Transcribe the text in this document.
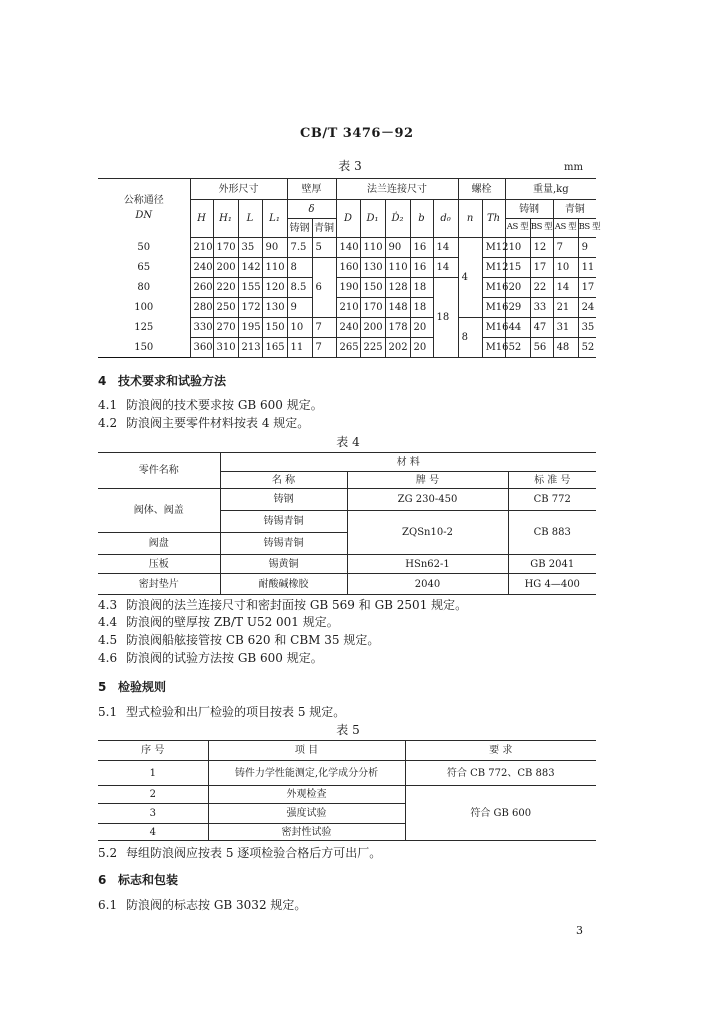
CB/T 3476－92
表 3	mm
公称通径
DN	外形尺寸				壁厚		法兰连接尺寸					螺栓		重量,kg			
	H	H₁	L	L₁	δ		D	D₁	Ḋ₂	b	d₀	n	Th	铸钢		青铜	
					铸钢	青铜								AS 型	BS 型	AS 型	BS 型
50	210	170	35	90	7.5	5	140	110	90	16	14	4	M12	10	12	7	9
65	240	200	142	110	8	6	160	130	110	16	14		M12	15	17	10	11
80	260	220	155	120	8.5		190	150	128	18	18		M16	20	22	14	17
100	280	250	172	130	9		210	170	148	18			M16	29	33	21	24
125	330	270	195	150	10	7	240	200	178	20		8	M16	44	47	31	35
150	360	310	213	165	11	7	265	225	202	20			M16	52	56	48	52
4 技术要求和试验方法
4.1 防浪阀的技术要求按 GB 600 规定。
4.2 防浪阀主要零件材料按表 4 规定。
表 4
零件名称	材 料		
	名 称	牌 号	标 准 号
阀体、阀盖	铸钢	ZG 230-450	CB 772
	铸锡青铜	ZQSn10-2	CB 883
阀盘	铸锡青铜		
压板	锡黄铜	HSn62-1	GB 2041
密封垫片	耐酸碱橡胶	2040	HG 4—400
4.3 防浪阀的法兰连接尺寸和密封面按 GB 569 和 GB 2501 规定。
4.4 防浪阀的壁厚按 ZB/T U52 001 规定。
4.5 防浪阀船舷接管按 CB 620 和 CBM 35 规定。
4.6 防浪阀的试验方法按 GB 600 规定。
5 检验规则
5.1 型式检验和出厂检验的项目按表 5 规定。
表 5
序 号	项 目	要 求
1	铸件力学性能测定,化学成分分析	符合 CB 772、CB 883
2	外观检查	符合 GB 600
3	强度试验	
4	密封性试验	
5.2 每组防浪阀应按表 5 逐项检验合格后方可出厂。
6 标志和包装
6.1 防浪阀的标志按 GB 3032 规定。
3
